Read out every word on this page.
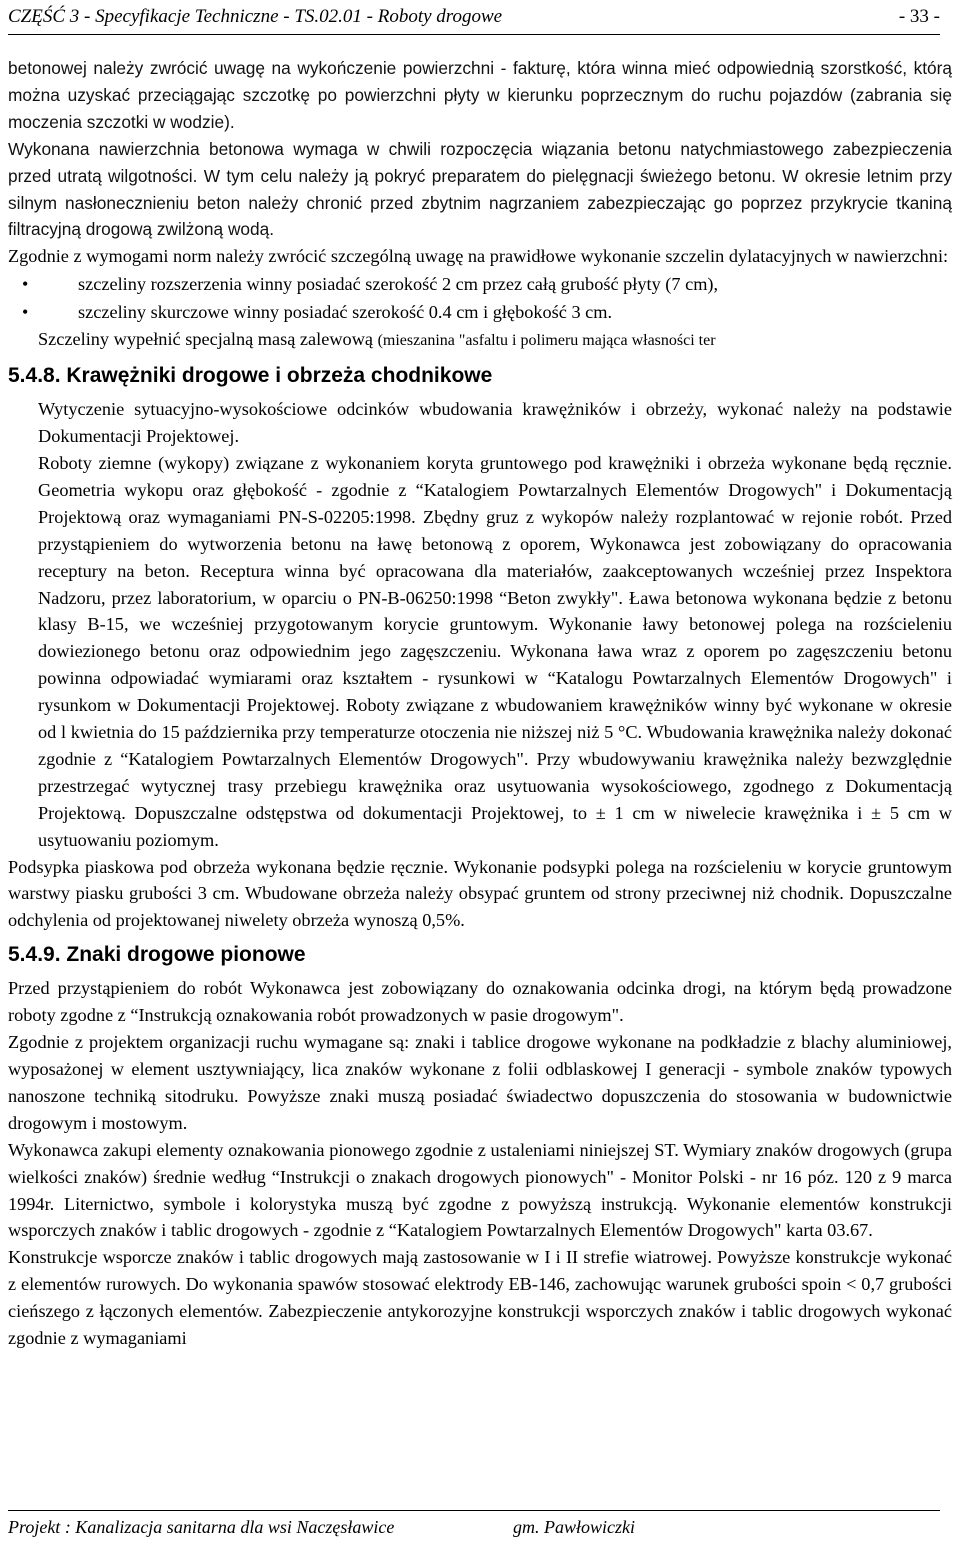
CZĘŚĆ 3 - Specyfikacje Techniczne - TS.02.01 - Roboty drogowe	- 33 -

betonowej należy zwrócić uwagę na wykończenie powierzchni - fakturę, która winna mieć odpowiednią szorstkość, którą można uzyskać przeciągając szczotkę po powierzchni płyty w kierunku poprzecznym do ruchu pojazdów (zabrania się moczenia szczotki w wodzie).

Wykonana nawierzchnia betonowa wymaga w chwili rozpoczęcia wiązania betonu natychmiastowego zabezpieczenia przed utratą wilgotności. W tym celu należy ją pokryć preparatem do pielęgnacji świeżego betonu. W okresie letnim przy silnym nasłonecznieniu beton należy chronić przed zbytnim nagrzaniem zabezpieczając go poprzez przykrycie tkaniną filtracyjną drogową zwilżoną wodą.

Zgodnie z wymogami norm należy zwrócić szczególną uwagę na prawidłowe wykonanie szczelin dylatacyjnych w nawierzchni:

• szczeliny rozszerzenia winny posiadać szerokość 2 cm przez całą grubość płyty (7 cm),
• szczeliny skurczowe winny posiadać szerokość 0.4 cm i głębokość 3 cm.

Szczeliny wypełnić specjalną masą zalewową (mieszanina "asfaltu i polimeru mająca własności ter

5.4.8. Krawężniki drogowe i obrzeża chodnikowe

Wytyczenie sytuacyjno-wysokościowe odcinków wbudowania krawężników i obrzeży, wykonać należy na podstawie Dokumentacji Projektowej.

Roboty ziemne (wykopy) związane z wykonaniem koryta gruntowego pod krawężniki i obrzeża wykonane będą ręcznie. Geometria wykopu oraz głębokość - zgodnie z “Katalogiem Powtarzalnych Elementów Drogowych" i Dokumentacją Projektową oraz wymaganiami PN-S-02205:1998. Zbędny gruz z wykopów należy rozplantować w rejonie robót. Przed przystąpieniem do wytworzenia betonu na ławę betonową z oporem, Wykonawca jest zobowiązany do opracowania receptury na beton. Receptura winna być opracowana dla materiałów, zaakceptowanych wcześniej przez Inspektora Nadzoru, przez laboratorium, w oparciu o PN-B-06250:1998 “Beton zwykły". Ława betonowa wykonana będzie z betonu klasy B-15, we wcześniej przygotowanym korycie gruntowym. Wykonanie ławy betonowej polega na rozścieleniu dowiezionego betonu oraz odpowiednim jego zagęszczeniu. Wykonana ława wraz z oporem po zagęszczeniu betonu powinna odpowiadać wymiarami oraz kształtem - rysunkowi w “Katalogu Powtarzalnych Elementów Drogowych" i rysunkom w Dokumentacji Projektowej. Roboty związane z wbudowaniem krawężników winny być wykonane w okresie od l kwietnia do 15 października przy temperaturze otoczenia nie niższej niż 5 °C. Wbudowania krawężnika należy dokonać zgodnie z “Katalogiem Powtarzalnych Elementów Drogowych". Przy wbudowywaniu krawężnika należy bezwzględnie przestrzegać wytycznej trasy przebiegu krawężnika oraz usytuowania wysokościowego, zgodnego z Dokumentacją Projektową. Dopuszczalne odstępstwa od dokumentacji Projektowej, to ± 1 cm w niwelecie krawężnika i ± 5 cm w usytuowaniu poziomym.

Podsypka piaskowa pod obrzeża wykonana będzie ręcznie. Wykonanie podsypki polega na rozścieleniu w korycie gruntowym warstwy piasku grubości 3 cm. Wbudowane obrzeża należy obsypać gruntem od strony przeciwnej niż chodnik. Dopuszczalne odchylenia od projektowanej niwelety obrzeża wynoszą 0,5%.

5.4.9. Znaki drogowe pionowe

Przed przystąpieniem do robót Wykonawca jest zobowiązany do oznakowania odcinka drogi, na którym będą prowadzone roboty zgodne z “Instrukcją oznakowania robót prowadzonych w pasie drogowym".

Zgodnie z projektem organizacji ruchu wymagane są: znaki i tablice drogowe wykonane na podkładzie z blachy aluminiowej, wyposażonej w element usztywniający, lica znaków wykonane z folii odblaskowej I generacji - symbole znaków typowych nanoszone techniką sitodruku. Powyższe znaki muszą posiadać świadectwo dopuszczenia do stosowania w budownictwie drogowym i mostowym.

Wykonawca zakupi elementy oznakowania pionowego zgodnie z ustaleniami niniejszej ST. Wymiary znaków drogowych (grupa wielkości znaków) średnie według “Instrukcji o znakach drogowych pionowych" - Monitor Polski - nr 16 póz. 120 z 9 marca 1994r. Liternictwo, symbole i kolorystyka muszą być zgodne z powyższą instrukcją. Wykonanie elementów konstrukcji wsporczych znaków i tablic drogowych - zgodnie z “Katalogiem Powtarzalnych Elementów Drogowych" karta 03.67.

Konstrukcje wsporcze znaków i tablic drogowych mają zastosowanie w I i II strefie wiatrowej. Powyższe konstrukcje wykonać z elementów rurowych. Do wykonania spawów stosować elektrody EB-146, zachowując warunek grubości spoin < 0,7 grubości cieńszego z łączonych elementów. Zabezpieczenie antykorozyjne konstrukcji wsporczych znaków i tablic drogowych wykonać zgodnie z wymaganiami

Projekt : Kanalizacja sanitarna dla wsi Naczęsławice	gm. Pawłowiczki
